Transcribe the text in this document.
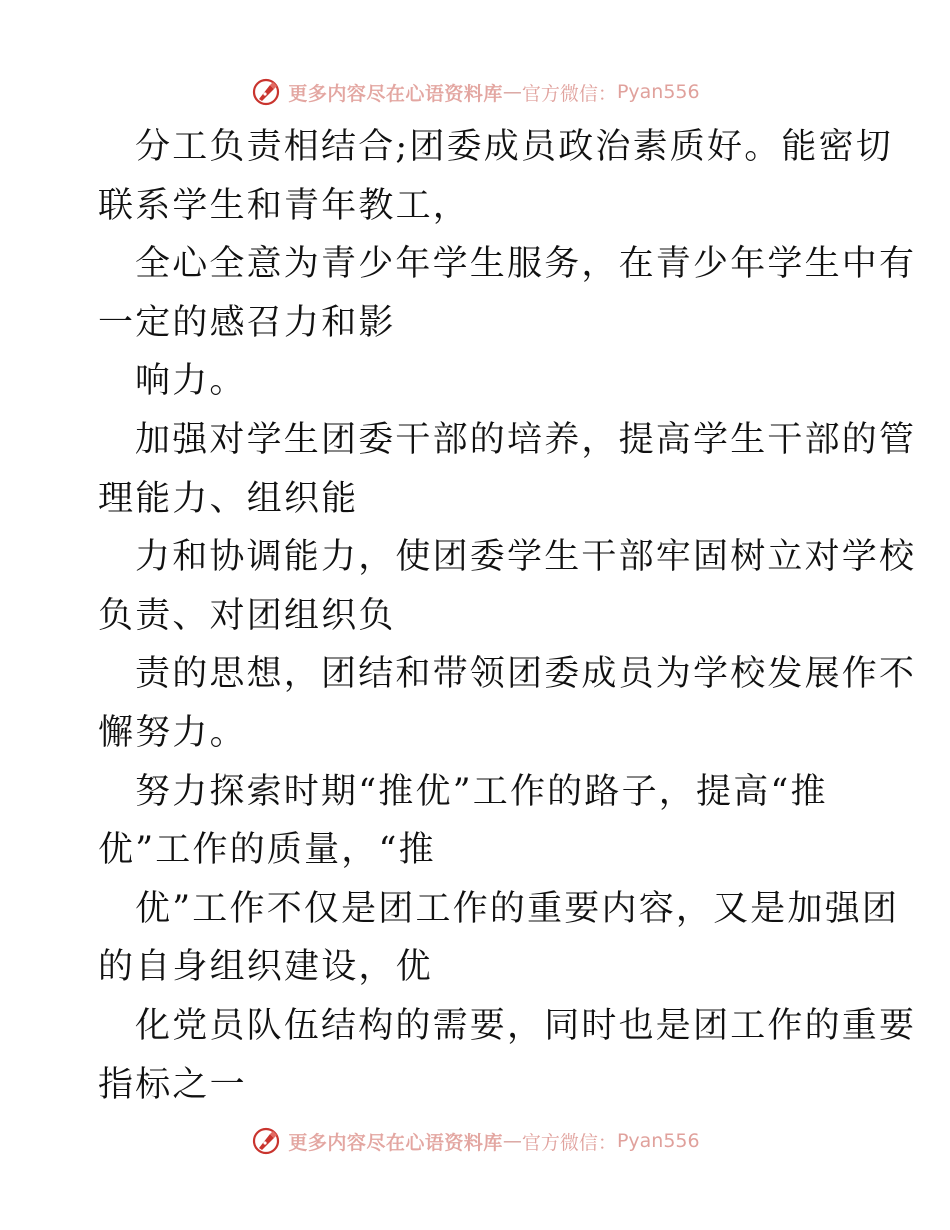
更多内容尽在心语资料库 — 官方微信： Pyan556
分工负责相结合;团委成员政治素质好。能密切
联系学生和青年教工，
全心全意为青少年学生服务，在青少年学生中有
一定的感召力和影
响力。
加强对学生团委干部的培养，提高学生干部的管
理能力、组织能
力和协调能力，使团委学生干部牢固树立对学校
负责、对团组织负
责的思想，团结和带领团委成员为学校发展作不
懈努力。
努力探索时期“推优”工作的路子，提高“推
优”工作的质量，“推
优”工作不仅是团工作的重要内容，又是加强团
的自身组织建设，优
化党员队伍结构的需要，同时也是团工作的重要
指标之一
更多内容尽在心语资料库 — 官方微信： Pyan556
